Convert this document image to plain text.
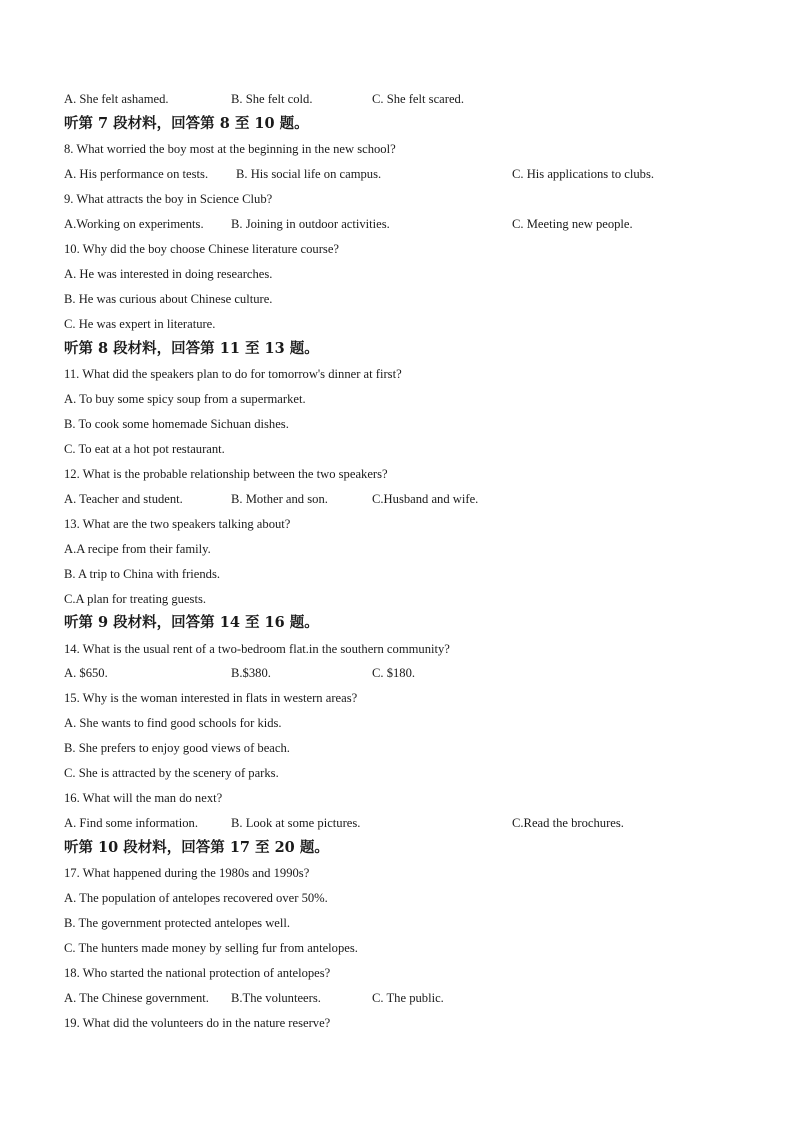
A. She felt ashamed.	B. She felt cold.	C. She felt scared.
听第 7 段材料，回答第 8 至 10 题。
8. What worried the boy most at the beginning in the new school?
A. His performance on tests. B. His social life on campus.	C. His applications to clubs.
9. What attracts the boy in Science Club?
A.Working on experiments. B. Joining in outdoor activities.	C. Meeting new people.
10. Why did the boy choose Chinese literature course?
A. He was interested in doing researches.
B. He was curious about Chinese culture.
C. He was expert in literature.
听第 8 段材料，回答第 11 至 13 题。
11. What did the speakers plan to do for tomorrow's dinner at first?
A. To buy some spicy soup from a supermarket.
B. To cook some homemade Sichuan dishes.
C. To eat at a hot pot restaurant.
12. What is the probable relationship between the two speakers?
A. Teacher and student.	B. Mother and son.	C.Husband and wife.
13. What are the two speakers talking about?
A.A recipe from their family.
B. A trip to China with friends.
C.A plan for treating guests.
听第 9 段材料，回答第 14 至 16 题。
14. What is the usual rent of a two-bedroom flat.in the southern community?
A. $650.	B.$380.	C. $180.
15. Why is the woman interested in flats in western areas?
A. She wants to find good schools for kids.
B. She prefers to enjoy good views of beach.
C. She is attracted by the scenery of parks.
16. What will the man do next?
A. Find some information.	B. Look at some pictures.	C.Read the brochures.
听第 10 段材料，回答第 17 至 20 题。
17. What happened during the 1980s and 1990s?
A. The population of antelopes recovered over 50%.
B. The government protected antelopes well.
C. The hunters made money by selling fur from antelopes.
18. Who started the national protection of antelopes?
A. The Chinese government. B.The volunteers.	C. The public.
19. What did the volunteers do in the nature reserve?
